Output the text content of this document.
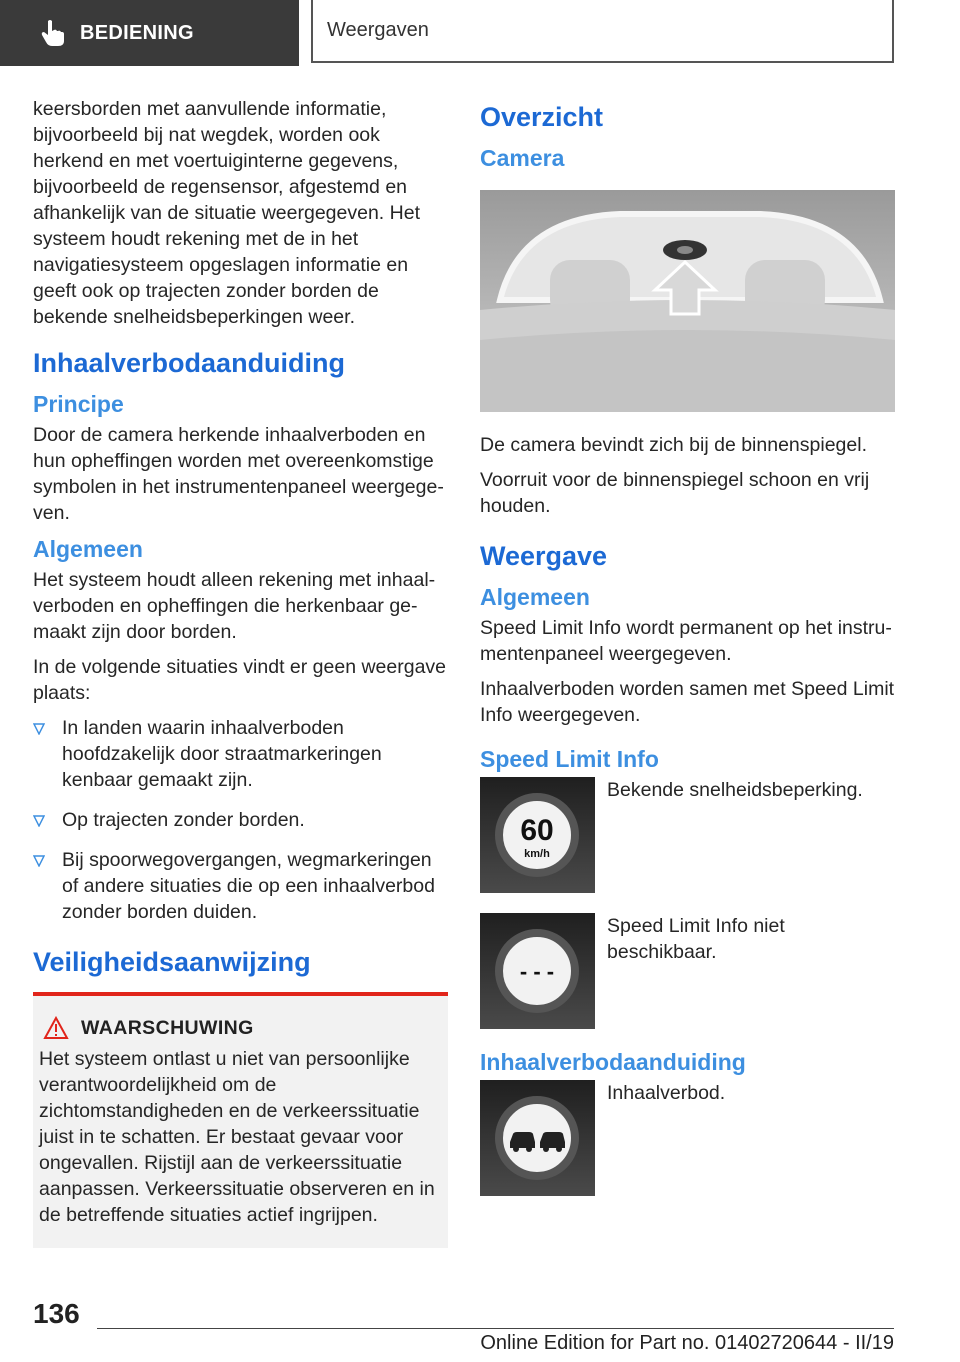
BEDIENING	Weergaven

keersborden met aanvullende informatie, bijvoorbeeld bij nat wegdek, worden ook herkend en met voertuiginterne gegevens, bijvoorbeeld de regensensor, afgestemd en afhankelijk van de situatie weergegeven. Het systeem houdt rekening met de in het navigatiesysteem opgeslagen informatie en geeft ook op trajecten zonder borden de bekende snelheidsbeperkingen weer.

Inhaalverbodaanduiding
Principe

Door de camera herkende inhaalverboden en hun opheffingen worden met overeenkomstige symbolen in het instrumentenpaneel weergegeven.

Algemeen

Het systeem houdt alleen rekening met inhaalverboden en opheffingen die herkenbaar gemaakt zijn door borden.

In de volgende situaties vindt er geen weergave plaats:

In landen waarin inhaalverboden hoofdzakelijk door straatmarkeringen kenbaar gemaakt zijn.
Op trajecten zonder borden.
Bij spoorwegovergangen, wegmarkeringen of andere situaties die op een inhaalverbod zonder borden duiden.
Veiligheidsaanwijzing
WAARSCHUWING

Het systeem ontlast u niet van persoonlijke verantwoordelijkheid om de zichtomstandigheden en de verkeerssituatie juist in te schatten. Er bestaat gevaar voor ongevallen. Rijstijl aan de verkeerssituatie aanpassen. Verkeerssituatie observeren en in de betreffende situaties actief ingrijpen.

Overzicht
Camera

De camera bevindt zich bij de binnenspiegel.

Voorruit voor de binnenspiegel schoon en vrij houden.

Weergave
Algemeen

Speed Limit Info wordt permanent op het instrumentenpaneel weergegeven.

Inhaalverboden worden samen met Speed Limit Info weergegeven.

Speed Limit Info
60
km/h

Bekende snelheidsbeperking.

- - -

Speed Limit Info niet beschikbaar.

Inhaalverbodaanduiding

Inhaalverbod.

136
Online Edition for Part no. 01402720644 - II/19
